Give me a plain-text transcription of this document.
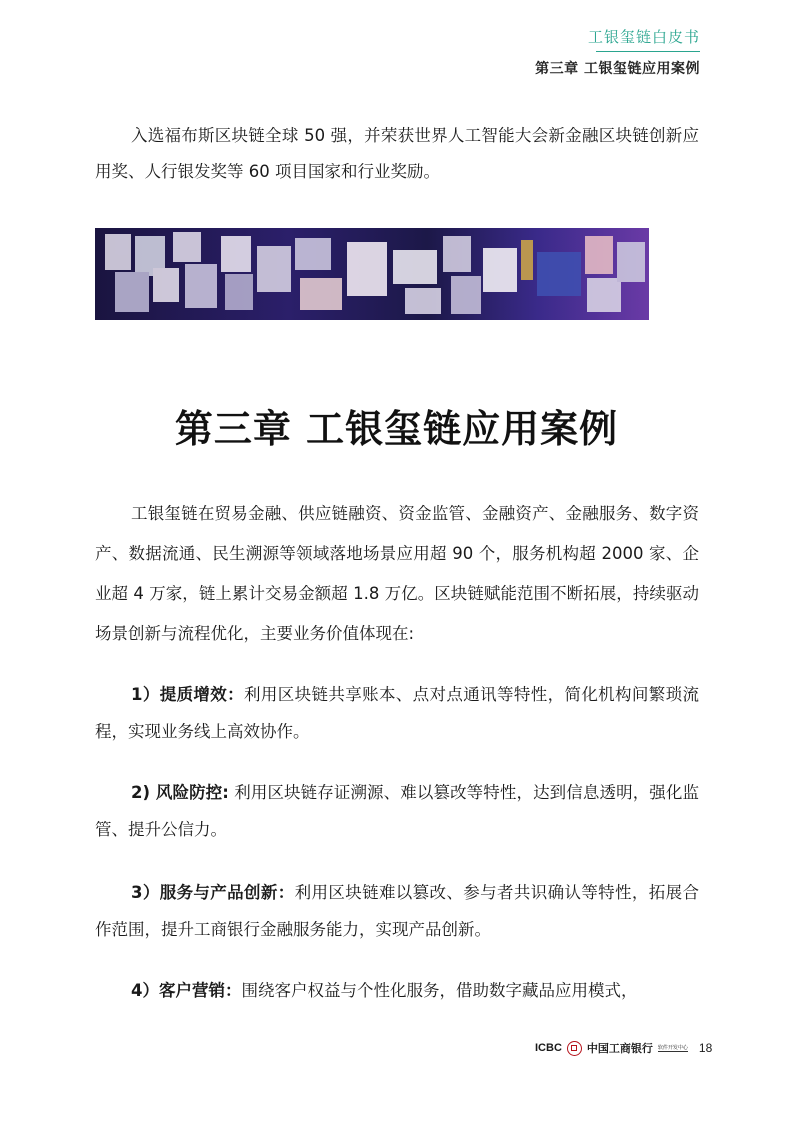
工银玺链白皮书
第三章 工银玺链应用案例

入选福布斯区块链全球 50 强，并荣获世界人工智能大会新金融区块链创新应用奖、人行银发奖等 60 项目国家和行业奖励。

第三章 工银玺链应用案例

工银玺链在贸易金融、供应链融资、资金监管、金融资产、金融服务、数字资产、数据流通、民生溯源等领域落地场景应用超 90 个，服务机构超 2000 家、企业超 4 万家，链上累计交易金额超 1.8 万亿。区块链赋能范围不断拓展，持续驱动场景创新与流程优化，主要业务价值体现在:

1）提质增效：利用区块链共享账本、点对点通讯等特性，简化机构间繁琐流程，实现业务线上高效协作。

2) 风险防控: 利用区块链存证溯源、难以篡改等特性，达到信息透明，强化监管、提升公信力。

3）服务与产品创新：利用区块链难以篡改、参与者共识确认等特性，拓展合作范围，提升工商银行金融服务能力，实现产品创新。

4）客户营销：围绕客户权益与个性化服务，借助数字藏品应用模式，

ICBC 中国工商银行 软件开发中心 18
